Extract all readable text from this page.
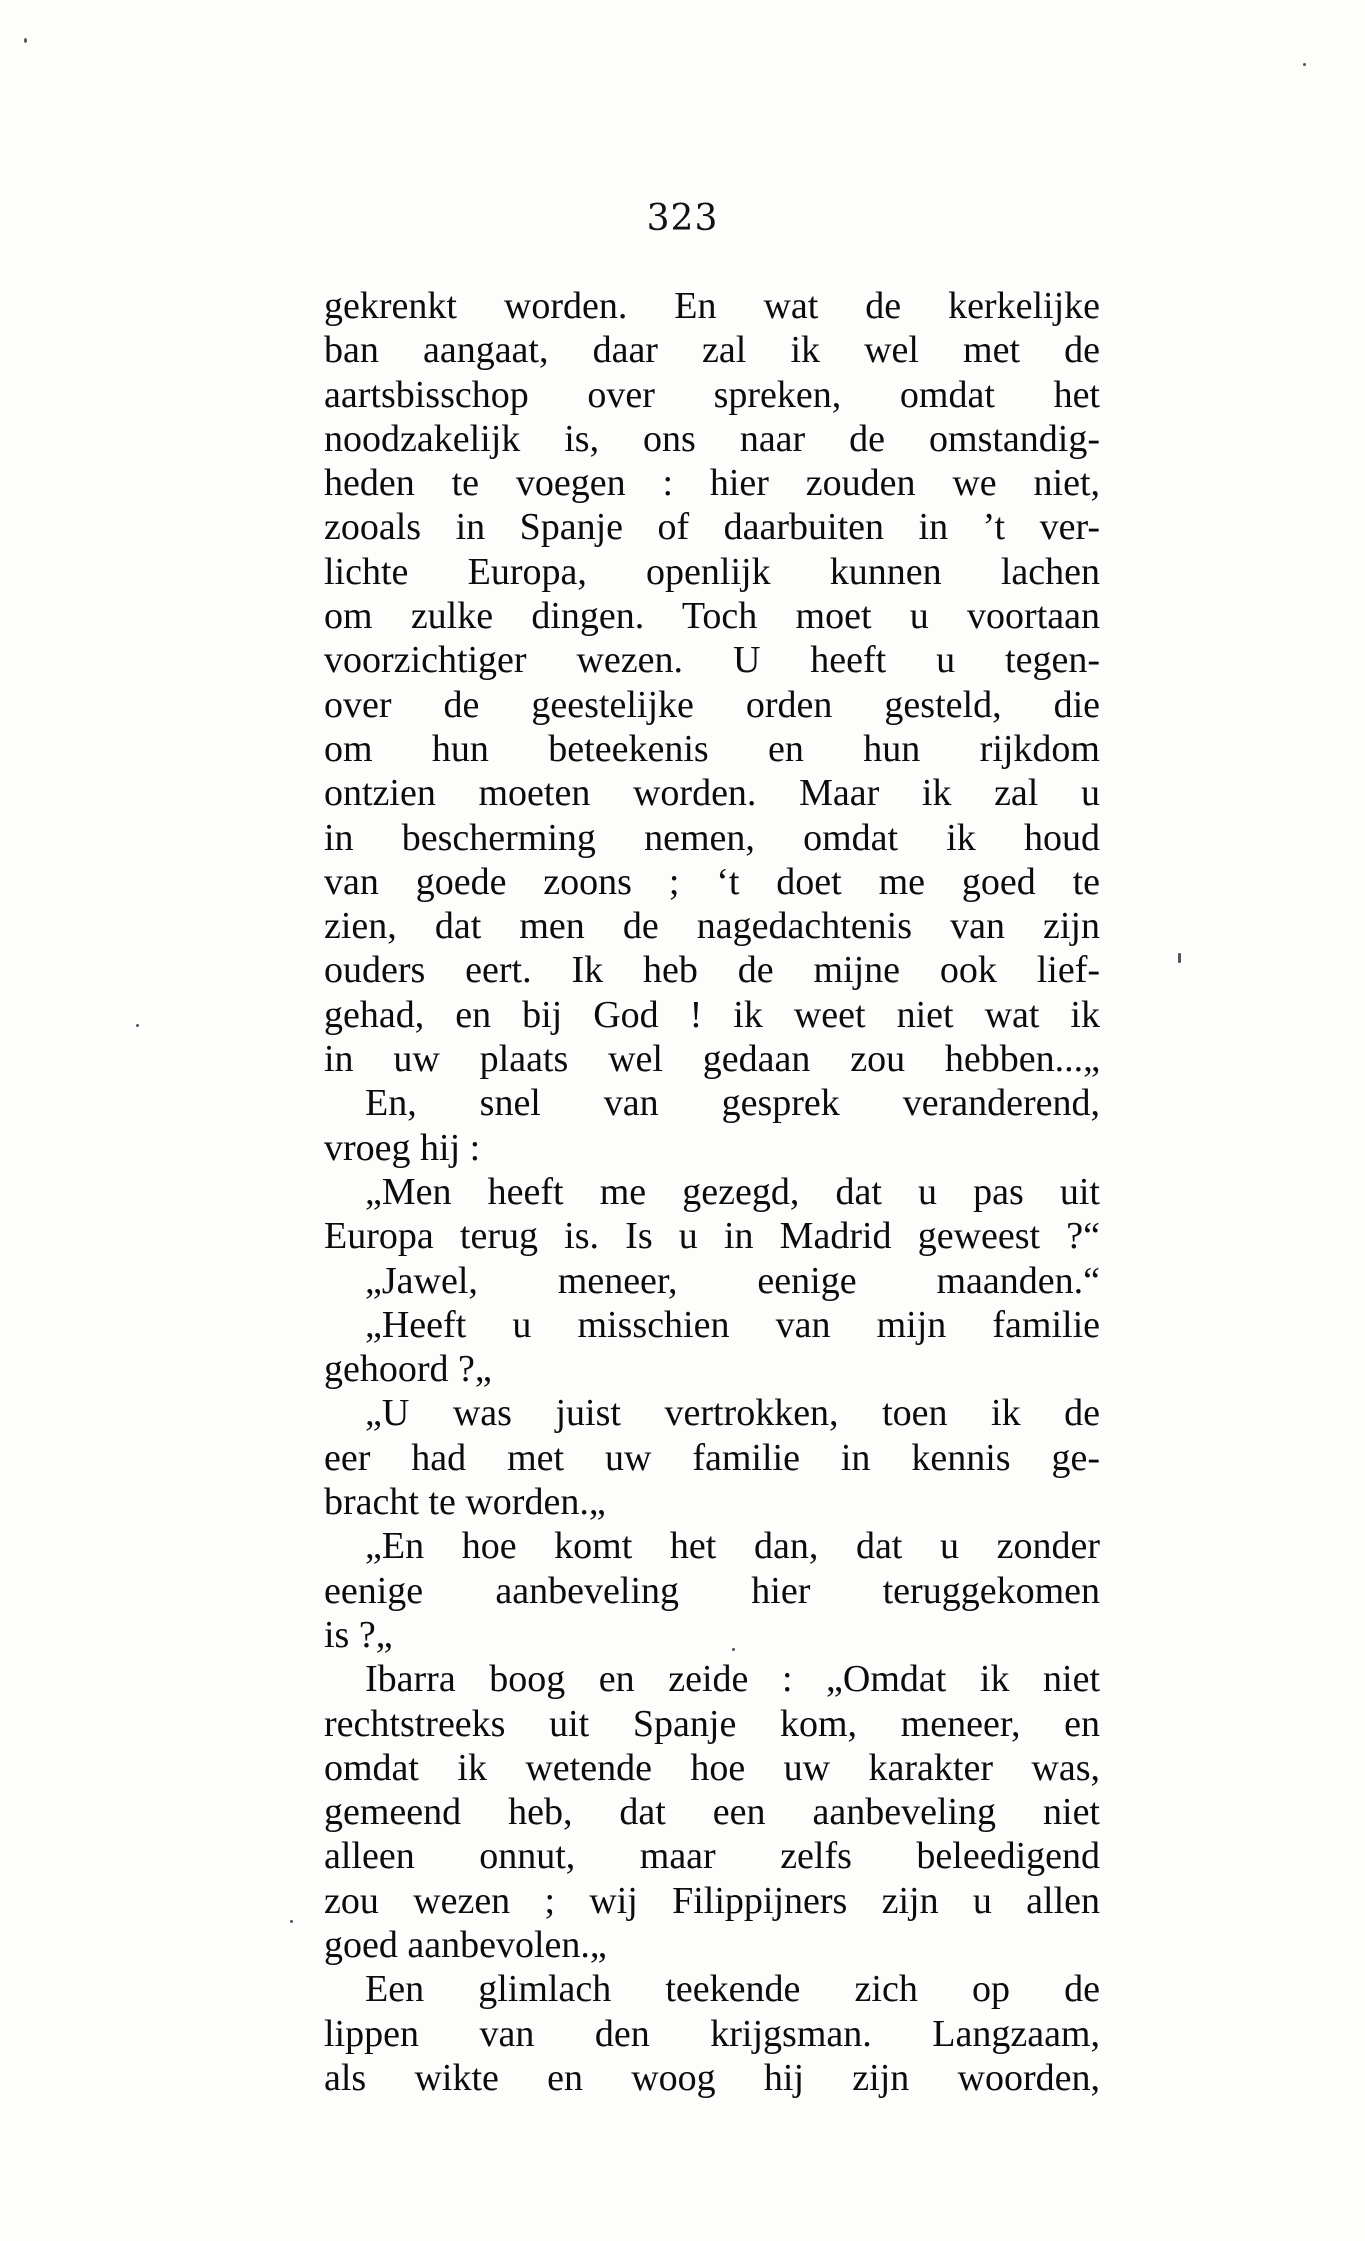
323
gekrenkt worden. En wat de kerkelijke
ban aangaat, daar zal ik wel met de
aartsbisschop over spreken, omdat het
noodzakelijk is, ons naar de omstandig-
heden te voegen : hier zouden we niet,
zooals in Spanje of daarbuiten in ’t ver-
lichte Europa, openlijk kunnen lachen
om zulke dingen. Toch moet u voortaan
voorzichtiger wezen. U heeft u tegen-
over de geestelijke orden gesteld, die
om hun beteekenis en hun rijkdom
ontzien moeten worden. Maar ik zal u
in bescherming nemen, omdat ik houd
van goede zoons ; ‘t doet me goed te
zien, dat men de nagedachtenis van zijn
ouders eert. Ik heb de mijne ook lief-
gehad, en bij God ! ik weet niet wat ik
in uw plaats wel gedaan zou hebben...„
En, snel van gesprek veranderend,
vroeg hij :
„Men heeft me gezegd, dat u pas uit
Europa terug is. Is u in Madrid geweest ?“
„Jawel, meneer, eenige maanden.“
„Heeft u misschien van mijn familie
gehoord ?„
„U was juist vertrokken, toen ik de
eer had met uw familie in kennis ge-
bracht te worden.„
„En hoe komt het dan, dat u zonder
eenige aanbeveling hier teruggekomen
is ?„
Ibarra boog en zeide : „Omdat ik niet
rechtstreeks uit Spanje kom, meneer, en
omdat ik wetende hoe uw karakter was,
gemeend heb, dat een aanbeveling niet
alleen onnut, maar zelfs beleedigend
zou wezen ; wij Filippijners zijn u allen
goed aanbevolen.„
Een glimlach teekende zich op de
lippen van den krijgsman. Langzaam,
als wikte en woog hij zijn woorden,
